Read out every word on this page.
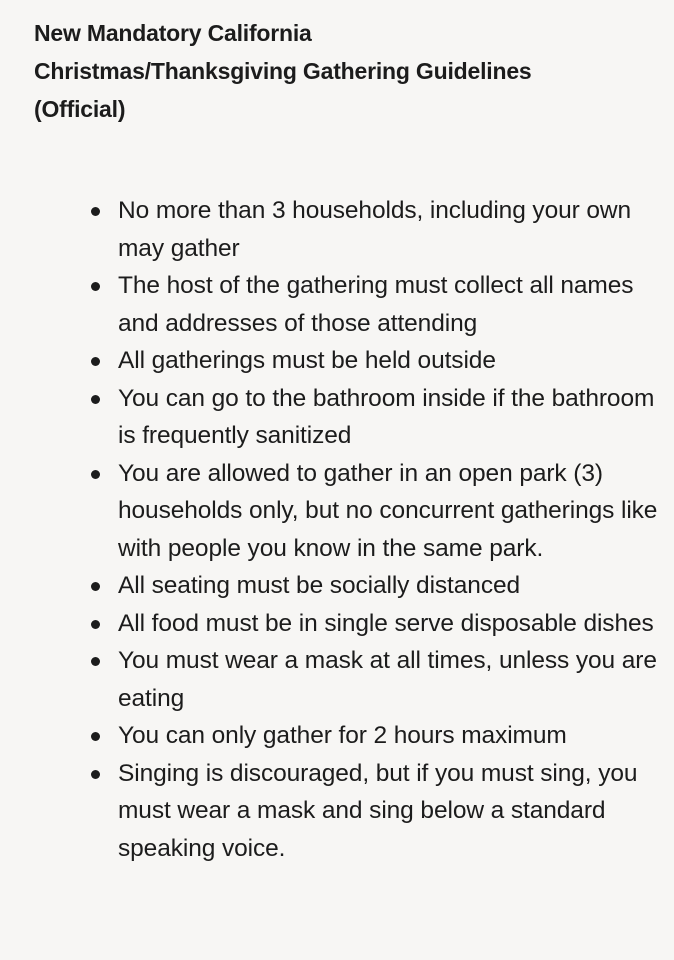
New Mandatory California Christmas/Thanksgiving Gathering Guidelines (Official)
No more than 3 households, including your own may gather
The host of the gathering must collect all names and addresses of those attending
All gatherings must be held outside
You can go to the bathroom inside if the bathroom is frequently sanitized
You are allowed to gather in an open park (3) households only, but no concurrent gatherings like with people you know in the same park.
All seating must be socially distanced
All food must be in single serve disposable dishes
You must wear a mask at all times, unless you are eating
You can only gather for 2 hours maximum
Singing is discouraged, but if you must sing, you must wear a mask and sing below a standard speaking voice.
